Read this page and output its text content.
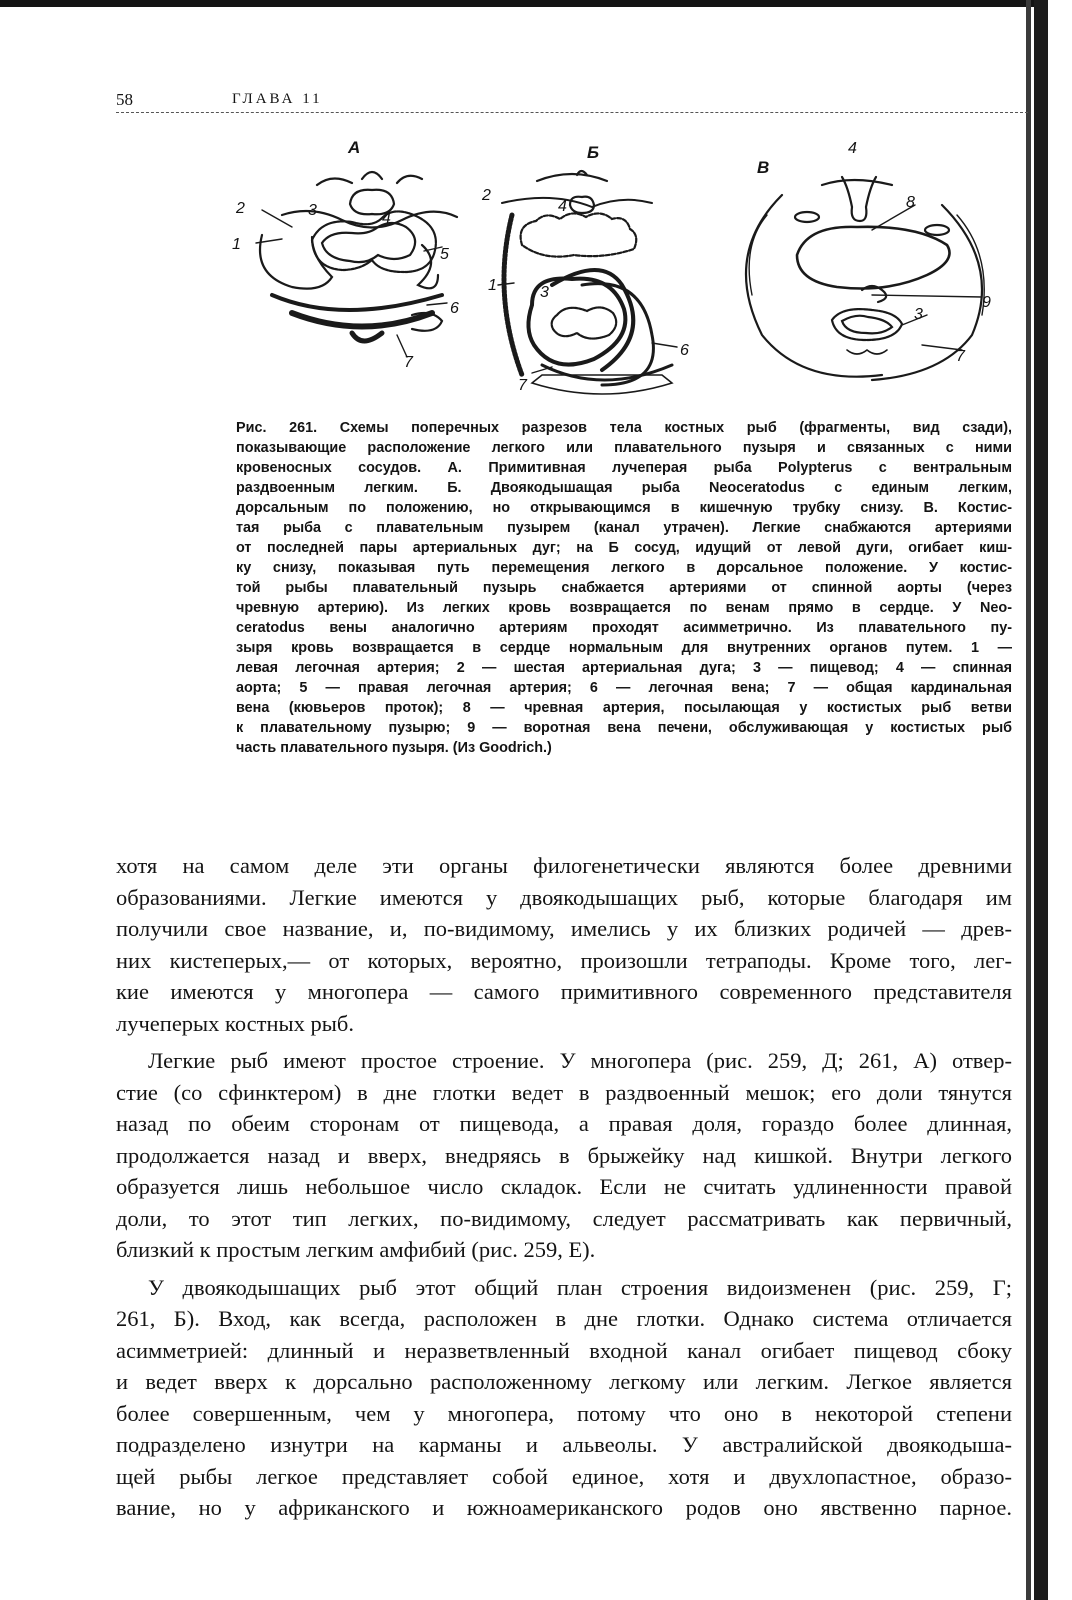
58	ГЛАВА 11
А	Б
В
1
2	3	4
5
6
7
1
2
3
4
6
7
3
4
7
8
9
Рис. 261. Схемы поперечных разрезов тела костных рыб (фрагменты, вид сзади),
показывающие расположение легкого или плавательного пузыря и связанных с ними
кровеносных сосудов. А. Примитивная лучеперая рыба Polypterus с вентральным
раздвоенным легким. Б. Двоякодышащая рыба Neoceratodus с единым легким,
дорсальным по положению, но открывающимся в кишечную трубку снизу. В. Костис-
тая рыба с плавательным пузырем (канал утрачен). Легкие снабжаются артериями
от последней пары артериальных дуг; на Б сосуд, идущий от левой дуги, огибает киш-
ку снизу, показывая путь перемещения легкого в дорсальное положение. У костис-
той рыбы плавательный пузырь снабжается артериями от спинной аорты (через
чревную артерию). Из легких кровь возвращается по венам прямо в сердце. У Neo-
ceratodus вены аналогично артериям проходят асимметрично. Из плавательного пу-
зыря кровь возвращается в сердце нормальным для внутренних органов путем. 1 —
левая легочная артерия; 2 — шестая артериальная дуга; 3 — пищевод; 4 — спинная
аорта; 5 — правая легочная артерия; 6 — легочная вена; 7 — общая кардинальная
вена (кювьеров проток); 8 — чревная артерия, посылающая у костистых рыб ветви
к плавательному пузырю; 9 — воротная вена печени, обслуживающая у костистых рыб
часть плавательного пузыря. (Из Goodrich.)
хотя на самом деле эти органы филогенетически являются более древними
образованиями. Легкие имеются у двоякодышащих рыб, которые благодаря им
получили свое название, и, по-видимому, имелись у их близких родичей — древ-
них кистеперых,— от которых, вероятно, произошли тетраподы. Кроме того, лег-
кие имеются у многопера — самого примитивного современного представителя
лучеперых костных рыб.
Легкие рыб имеют простое строение. У многопера (рис. 259, Д; 261, А) отвер-
стие (со сфинктером) в дне глотки ведет в раздвоенный мешок; его доли тянутся
назад по обеим сторонам от пищевода, а правая доля, гораздо более длинная,
продолжается назад и вверх, внедряясь в брыжейку над кишкой. Внутри легкого
образуется лишь небольшое число складок. Если не считать удлиненности правой
доли, то этот тип легких, по-видимому, следует рассматривать как первичный,
близкий к простым легким амфибий (рис. 259, Е).
У двоякодышащих рыб этот общий план строения видоизменен (рис. 259, Г;
261, Б). Вход, как всегда, расположен в дне глотки. Однако система отличается
асимметрией: длинный и неразветвленный входной канал огибает пищевод сбоку
и ведет вверх к дорсально расположенному легкому или легким. Легкое является
более совершенным, чем у многопера, потому что оно в некоторой степени
подразделено изнутри на карманы и альвеолы. У австралийской двоякодыша-
щей рыбы легкое представляет собой единое, хотя и двухлопастное, образо-
вание, но у африканского и южноамериканского родов оно явственно парное.
